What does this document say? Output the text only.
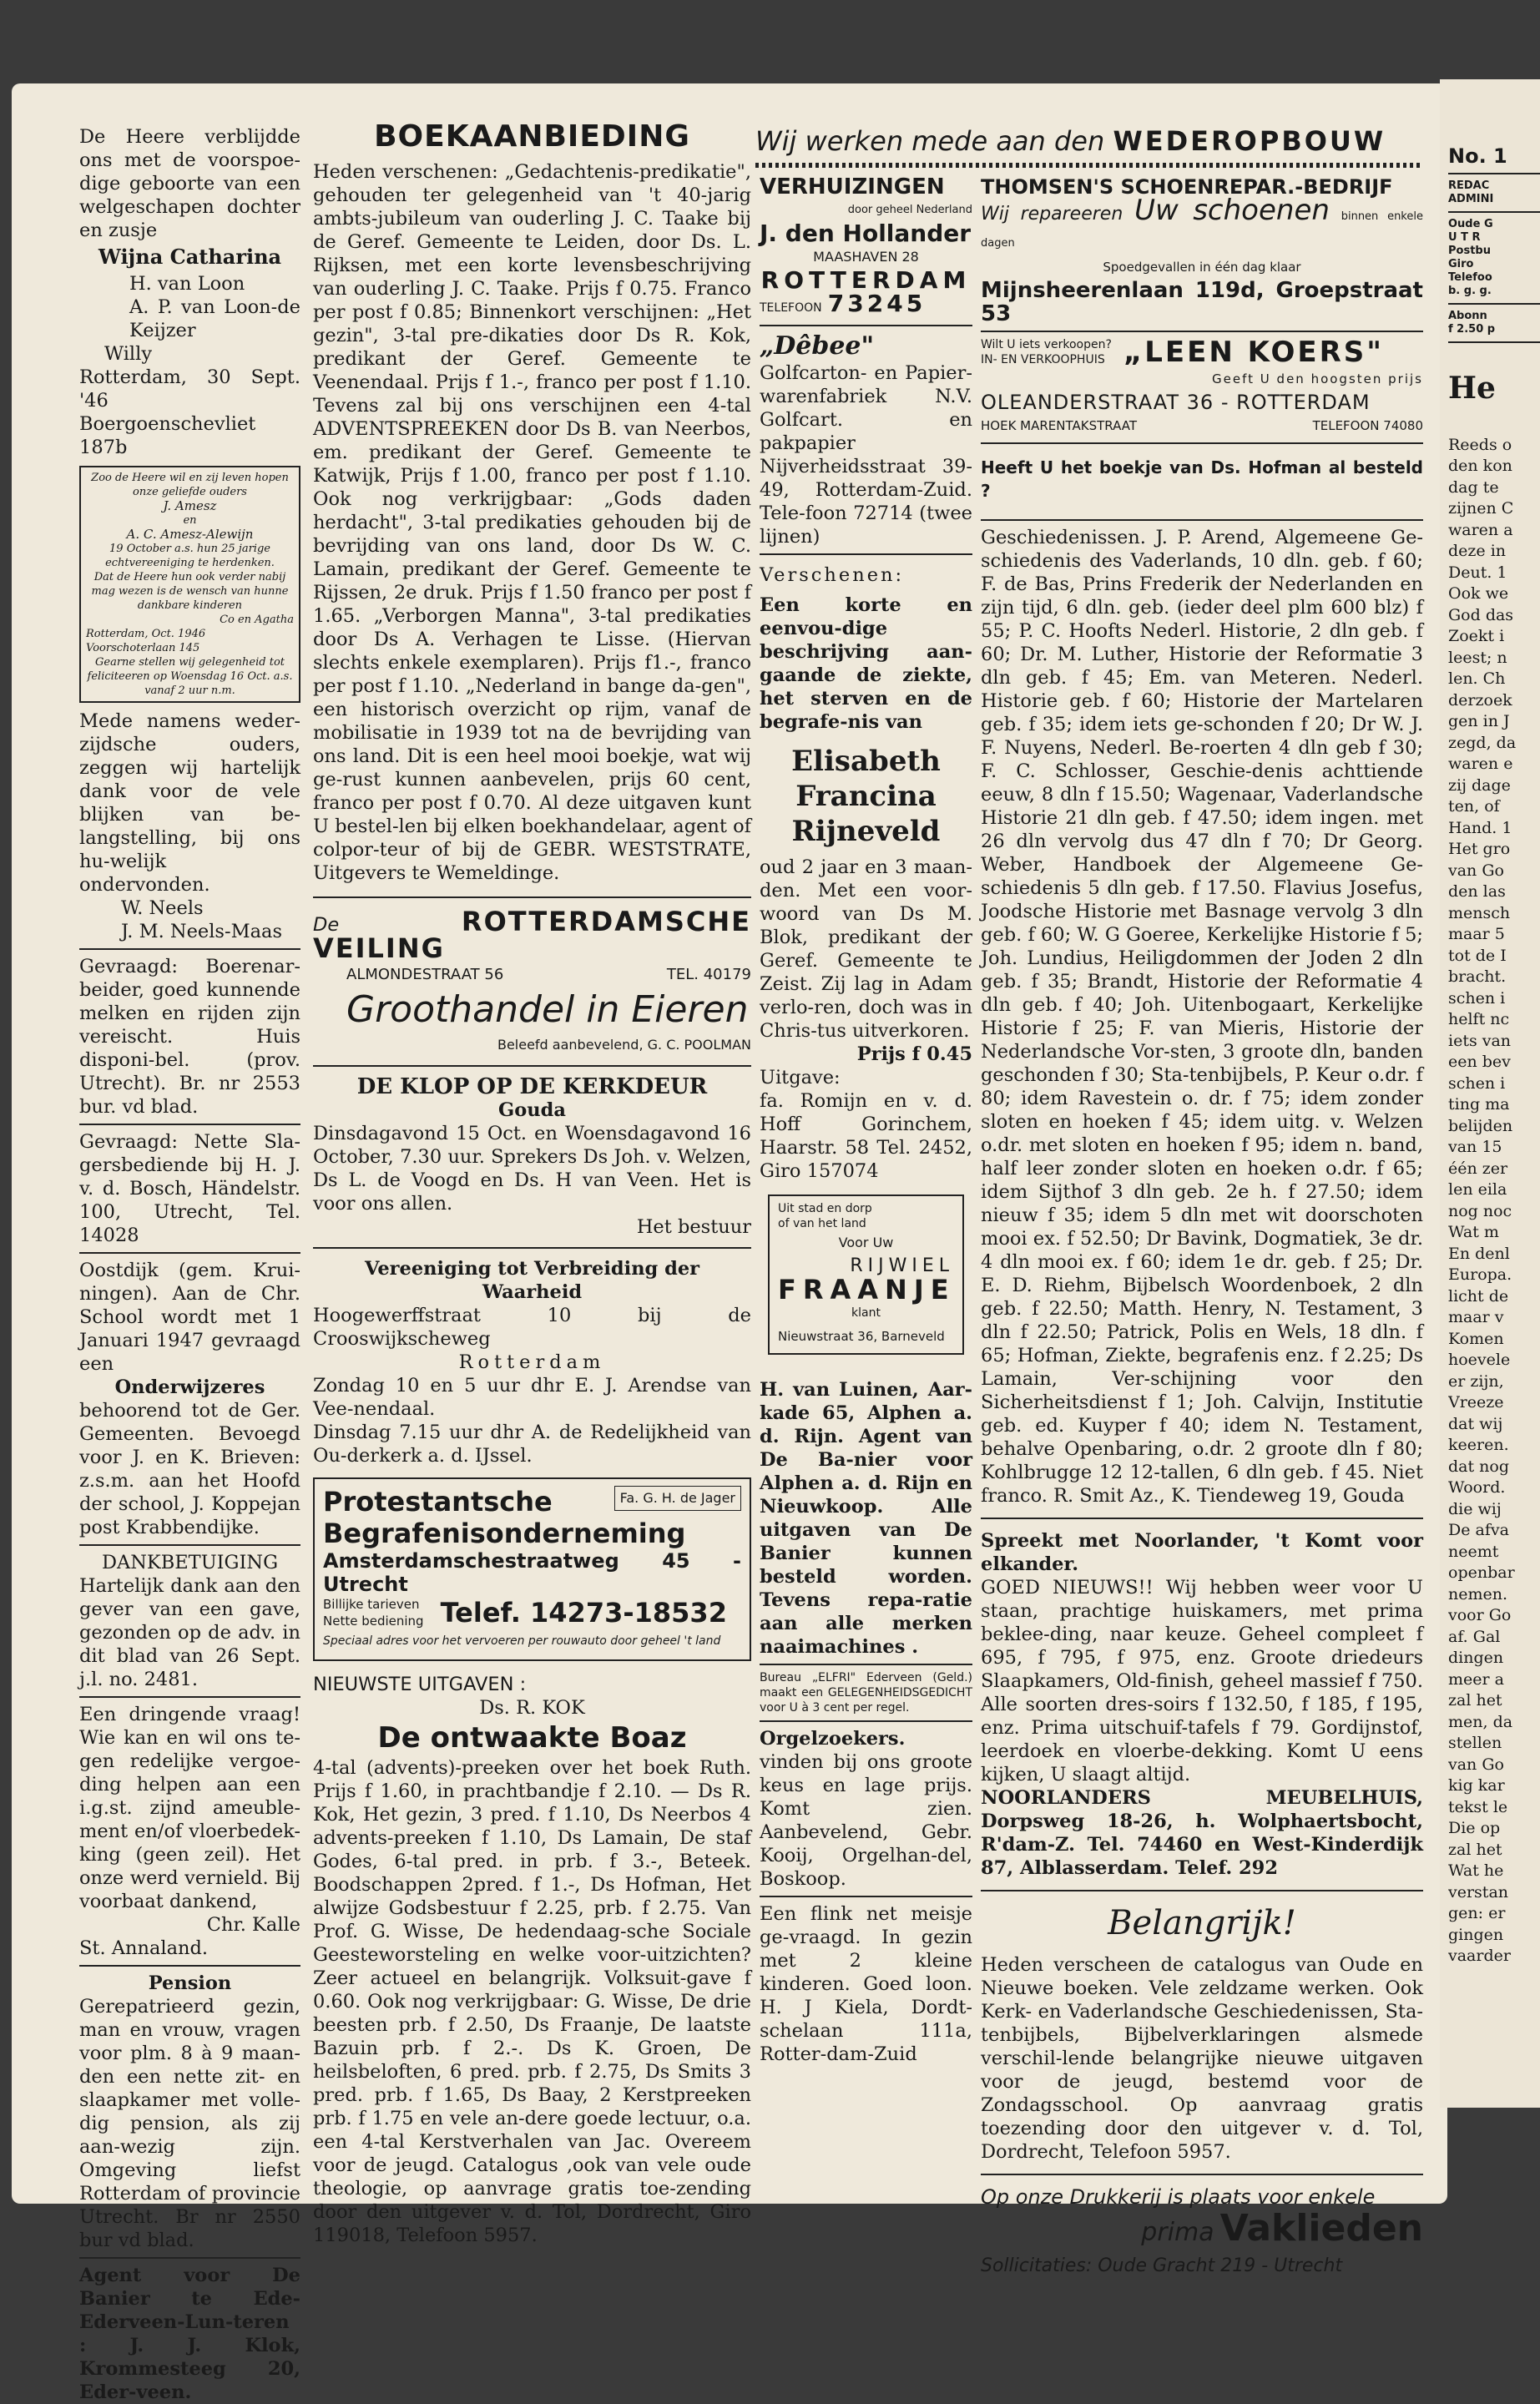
De Heere verblijdde ons met de voorspoe-dige geboorte van een welgeschapen dochter en zusje

Wijna Catharina

H. van Loon

A. P. van Loon-de Keijzer

Willy

Rotterdam, 30 Sept. '46

Boergoenschevliet 187b

Zoo de Heere wil en zij leven hopen onze geliefde ouders

J. Amesz

en

A. C. Amesz-Alewijn

19 October a.s. hun 25 jarige echtvereeniging te herdenken.

Dat de Heere hun ook verder nabij mag wezen is de wensch van hunne dankbare kinderen

Co en Agatha

Rotterdam, Oct. 1946

Voorschoterlaan 145

Gearne stellen wij gelegenheid tot feliciteeren op Woensdag 16 Oct. a.s. vanaf 2 uur n.m.

Mede namens weder-zijdsche ouders, zeggen wij hartelijk dank voor de vele blijken van be-langstelling, bij ons hu-welijk ondervonden.

W. Neels

J. M. Neels-Maas

Gevraagd: Boerenar-beider, goed kunnende melken en rijden zijn vereischt. Huis disponi-bel. (prov. Utrecht). Br. nr 2553 bur. vd blad.

Gevraagd: Nette Sla-gersbediende bij H. J. v. d. Bosch, Händelstr. 100, Utrecht, Tel. 14028

Oostdijk (gem. Krui-ningen). Aan de Chr. School wordt met 1 Januari 1947 gevraagd een

Onderwijzeres

behoorend tot de Ger. Gemeenten. Bevoegd voor J. en K. Brieven: z.s.m. aan het Hoofd der school, J. Koppejan post Krabbendijke.

DANKBETUIGING

Hartelijk dank aan den gever van een gave, gezonden op de adv. in dit blad van 26 Sept. j.l. no. 2481.

Een dringende vraag! Wie kan en wil ons te-gen redelijke vergoe-ding helpen aan een i.g.st. zijnd ameuble-ment en/of vloerbedek-king (geen zeil). Het onze werd vernield. Bij voorbaat dankend,

Chr. Kalle

St. Annaland.

Pension

Gerepatrieerd gezin, man en vrouw, vragen voor plm. 8 à 9 maan-den een nette zit- en slaapkamer met volle-dig pension, als zij aan-wezig zijn. Omgeving liefst Rotterdam of provincie Utrecht. Br nr 2550 bur vd blad.

Agent voor De Banier te Ede-Ederveen-Lun-teren : J. J. Klok, Krommesteeg 20, Eder-veen.

BOEKAANBIEDING

Heden verschenen: „Gedachtenis-predikatie", gehouden ter gelegenheid van 't 40-jarig ambts-jubileum van ouderling J. C. Taake bij de Geref. Gemeente te Leiden, door Ds. L. Rijksen, met een korte levensbeschrijving van ouderling J. C. Taake. Prijs f 0.75. Franco per post f 0.85; Binnenkort verschijnen: „Het gezin", 3-tal pre-dikaties door Ds R. Kok, predikant der Geref. Gemeente te Veenendaal. Prijs f 1.-, franco per post f 1.10. Tevens zal bij ons verschijnen een 4-tal ADVENTSPREEKEN door Ds B. van Neerbos, em. predikant der Geref. Gemeente te Katwijk, Prijs f 1.00, franco per post f 1.10. Ook nog verkrijgbaar: „Gods daden herdacht", 3-tal predikaties gehouden bij de bevrijding van ons land, door Ds W. C. Lamain, predikant der Geref. Gemeente te Rijssen, 2e druk. Prijs f 1.50 franco per post f 1.65. „Verborgen Manna", 3-tal predikaties door Ds A. Verhagen te Lisse. (Hiervan slechts enkele exemplaren). Prijs f1.-, franco per post f 1.10. „Nederland in bange da-gen", een historisch overzicht op rijm, vanaf de mobilisatie in 1939 tot na de bevrijding van ons land. Dit is een heel mooi boekje, wat wij ge-rust kunnen aanbevelen, prijs 60 cent, franco per post f 0.70. Al deze uitgaven kunt U bestel-len bij elken boekhandelaar, agent of colpor-teur of bij de GEBR. WESTSTRATE, Uitgevers te Wemeldinge.

De	ROTTERDAMSCHE VEILING

ALMONDESTRAAT 56	TEL. 40179

Groothandel in Eieren

Beleefd aanbevelend, G. C. POOLMAN

DE KLOP OP DE KERKDEUR

Gouda

Dinsdagavond 15 Oct. en Woensdagavond 16 October, 7.30 uur. Sprekers Ds Joh. v. Welzen, Ds L. de Voogd en Ds. H van Veen. Het is voor ons allen.

Het bestuur

Vereeniging tot Verbreiding der Waarheid

Hoogewerffstraat 10 bij de Crooswijkscheweg

Rotterdam

Zondag 10 en 5 uur dhr E. J. Arendse van Vee-nendaal.

Dinsdag 7.15 uur dhr A. de Redelijkheid van Ou-derkerk a. d. IJssel.

Protestantsche	Fa. G. H. de Jager

Begrafenisonderneming

Amsterdamschestraatweg 45 - Utrecht

Billijke tarieven

Nette bediening Telef. 14273-18532

Speciaal adres voor het vervoeren per rouwauto door geheel 't land

NIEUWSTE UITGAVEN :

Ds. R. KOK

De ontwaakte Boaz

4-tal (advents)-preeken over het boek Ruth. Prijs f 1.60, in prachtbandje f 2.10. — Ds R. Kok, Het gezin, 3 pred. f 1.10, Ds Neerbos 4 advents-preeken f 1.10, Ds Lamain, De staf Godes, 6-tal pred. in prb. f 3.-, Beteek. Boodschappen 2pred. f 1.-, Ds Hofman, Het alwijze Godsbestuur f 2.25, prb. f 2.75. Van Prof. G. Wisse, De hedendaag-sche Sociale Geesteworsteling en welke voor-uitzichten? Zeer actueel en belangrijk. Volksuit-gave f 0.60. Ook nog verkrijgbaar: G. Wisse, De drie beesten prb. f 2.50, Ds Fraanje, De laatste Bazuin prb. f 2.-. Ds K. Groen, De heilsbeloften, 6 pred. prb. f 2.75, Ds Smits 3 pred. prb. f 1.65, Ds Baay, 2 Kerstpreeken prb. f 1.75 en vele an-dere goede lectuur, o.a. een 4-tal Kerstverhalen van Jac. Overeem voor de jeugd. Catalogus ,ook van vele oude theologie, op aanvrage gratis toe-zending door den uitgever v. d. Tol, Dordrecht, Giro 119018, Telefoon 5957.

Wij werken mede aan den WEDEROPBOUW

VERHUIZINGEN

door geheel Nederland

J. den Hollander

MAASHAVEN 28

ROTTERDAM

TELEFOON 73245

„Dêbee"

Golfcarton- en Papier-warenfabriek N.V. Golfcart. en pakpapier Nijverheidsstraat 39-49, Rotterdam-Zuid. Tele-foon 72714 (twee lijnen)

Verschenen:

Een korte en eenvou-dige beschrijving aan-gaande de ziekte, het sterven en de begrafe-nis van

Elisabeth

Francina

Rijneveld

oud 2 jaar en 3 maan-den. Met een voor-woord van Ds M. Blok, predikant der Geref. Gemeente te Zeist. Zij lag in Adam verlo-ren, doch was in Chris-tus uitverkoren.

Prijs f 0.45

Uitgave:

fa. Romijn en v. d. Hoff Gorinchem, Haarstr. 58 Tel. 2452, Giro 157074

Uit stad en dorp

of van het land

Voor Uw

RIJWIEL

FRAANJE

klant

Nieuwstraat 36, Barneveld

H. van Luinen, Aar-kade 65, Alphen a. d. Rijn. Agent van De Ba-nier voor Alphen a. d. Rijn en Nieuwkoop. Alle uitgaven van De Banier kunnen besteld worden. Tevens repa-ratie aan alle merken naaimachines .

Bureau „ELFRI" Ederveen (Geld.) maakt een GELEGENHEIDSGEDICHT voor U à 3 cent per regel.

Orgelzoekers.

vinden bij ons groote keus en lage prijs. Komt zien. Aanbevelend, Gebr. Kooij, Orgelhan-del, Boskoop.

Een flink net meisje ge-vraagd. In gezin met 2 kleine kinderen. Goed loon. H. J Kiela, Dordt-schelaan 111a, Rotter-dam-Zuid

THOMSEN'S SCHOENREPAR.-BEDRIJF

Wij repareeren Uw schoenen binnen enkele dagen

Spoedgevallen in één dag klaar

Mijnsheerenlaan 119d, Groepstraat 53

Wilt U iets verkoopen?

IN- EN VERKOOPHUIS „LEEN KOERS"

Geeft U den hoogsten prijs

OLEANDERSTRAAT 36 - ROTTERDAM

HOEK MARENTAKSTRAAT	TELEFOON 74080

Heeft U het boekje van Ds. Hofman al besteld ?

Geschiedenissen. J. P. Arend, Algemeene Ge-schiedenis des Vaderlands, 10 dln. geb. f 60; F. de Bas, Prins Frederik der Nederlanden en zijn tijd, 6 dln. geb. (ieder deel plm 600 blz) f 55; P. C. Hoofts Nederl. Historie, 2 dln geb. f 60; Dr. M. Luther, Historie der Reformatie 3 dln geb. f 45; Em. van Meteren. Nederl. Historie geb. f 60; Historie der Martelaren geb. f 35; idem iets ge-schonden f 20; Dr W. J. F. Nuyens, Nederl. Be-roerten 4 dln geb f 30; F. C. Schlosser, Geschie-denis achttiende eeuw, 8 dln f 15.50; Wagenaar, Vaderlandsche Historie 21 dln geb. f 47.50; idem ingen. met 26 dln vervolg dus 47 dln f 70; Dr Georg. Weber, Handboek der Algemeene Ge-schiedenis 5 dln geb. f 17.50. Flavius Josefus, Joodsche Historie met Basnage vervolg 3 dln geb. f 60; W. G Goeree, Kerkelijke Historie f 5; Joh. Lundius, Heiligdommen der Joden 2 dln geb. f 35; Brandt, Historie der Reformatie 4 dln geb. f 40; Joh. Uitenbogaart, Kerkelijke Historie f 25; F. van Mieris, Historie der Nederlandsche Vor-sten, 3 groote dln, banden geschonden f 30; Sta-tenbijbels, P. Keur o.dr. f 80; idem Ravestein o. dr. f 75; idem zonder sloten en hoeken f 45; idem uitg. v. Welzen o.dr. met sloten en hoeken f 95; idem n. band, half leer zonder sloten en hoeken o.dr. f 65; idem Sijthof 3 dln geb. 2e h. f 27.50; idem nieuw f 35; idem 5 dln met wit doorschoten mooi ex. f 52.50; Dr Bavink, Dogmatiek, 3e dr. 4 dln mooi ex. f 60; idem 1e dr. geb. f 25; Dr. E. D. Riehm, Bijbelsch Woordenboek, 2 dln geb. f 22.50; Matth. Henry, N. Testament, 3 dln f 22.50; Patrick, Polis en Wels, 18 dln. f 65; Hofman, Ziekte, begrafenis enz. f 2.25; Ds Lamain, Ver-schijning voor den Sicherheitsdienst f 1; Joh. Calvijn, Institutie geb. ed. Kuyper f 40; idem N. Testament, behalve Openbaring, o.dr. 2 groote dln f 80; Kohlbrugge 12 12-tallen, 6 dln geb. f 45. Niet franco. R. Smit Az., K. Tiendeweg 19, Gouda

Spreekt met Noorlander, 't Komt voor elkander.

GOED NIEUWS!! Wij hebben weer voor U staan, prachtige huiskamers, met prima beklee-ding, naar keuze. Geheel compleet f 695, f 795, f 975, enz. Groote driedeurs Slaapkamers, Old-finish, geheel massief f 750. Alle soorten dres-soirs f 132.50, f 185, f 195, enz. Prima uitschuif-tafels f 79. Gordijnstof, leerdoek en vloerbe-dekking. Komt U eens kijken, U slaagt altijd.

NOORLANDERS MEUBELHUIS, Dorpsweg 18-26, h. Wolphaertsbocht, R'dam-Z. Tel. 74460 en West-Kinderdijk 87, Alblasserdam. Telef. 292

Belangrijk!

Heden verscheen de catalogus van Oude en Nieuwe boeken. Vele zeldzame werken. Ook Kerk- en Vaderlandsche Geschiedenissen, Sta-tenbijbels, Bijbelverklaringen alsmede verschil-lende belangrijke nieuwe uitgaven voor de jeugd, bestemd voor de Zondagsschool. Op aanvraag gratis toezending door den uitgever v. d. Tol, Dordrecht, Telefoon 5957.

Op onze Drukkerij is plaats voor enkele

prima Vaklieden

Sollicitaties: Oude Gracht 219 - Utrecht

No. 1

REDAC

ADMINI

Oude G

U T R

Postbu

Giro

Telefoo

b. g. g.

Abonn

f 2.50 p

He

Reeds o

den kon

dag te

zijnen C

waren a

deze in

Deut. 1

Ook we

God das

Zoekt i

leest; n

len. Ch

derzoek

gen in J

zegd, da

waren e

zij dage

ten, of

Hand. 1

Het gro

van Go

den las

mensch

maar 5

tot de I

bracht.

schen i

helft nc

iets van

een bev

schen i

ting ma

belijden

van 15

één zer

len eila

nog noc

Wat m

En denl

Europa.

licht de

maar v

Komen

hoevele

er zijn,

Vreeze

dat wij

keeren.

dat nog

Woord.

die wij

De afva

neemt

openbar

nemen.

voor Go

af. Gal

dingen

meer a

zal het

men, da

stellen

van Go

kig kar

tekst le

Die op

zal het

Wat he

verstan

gen: er

gingen

vaarder
